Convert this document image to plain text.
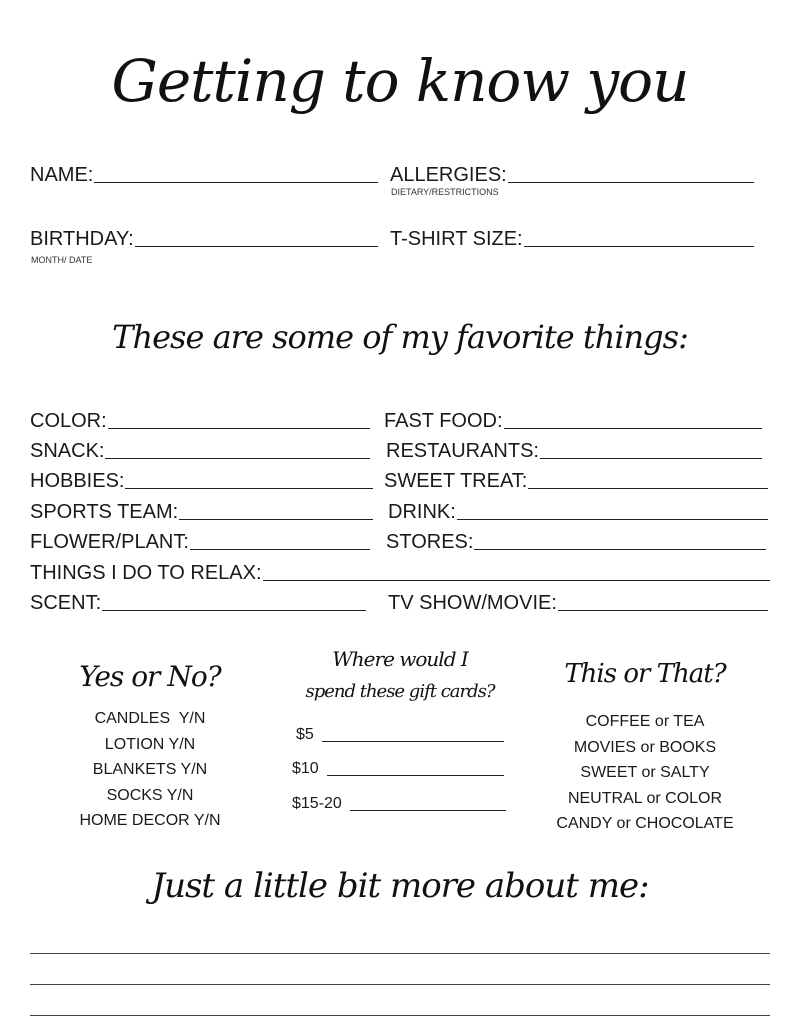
Getting to know you
NAME:	ALLERGIES:
DIETARY/RESTRICTIONS
BIRTHDAY:
MONTH/ DATE
T-SHIRT SIZE:
These are some of my favorite things:
COLOR:
SNACK:
HOBBIES:
SPORTS TEAM:
FLOWER/PLANT:
FAST FOOD:
RESTAURANTS:
SWEET TREAT:
DRINK:
STORES:
THINGS I DO TO RELAX:
SCENT:	TV SHOW/MOVIE:
Yes or No?
CANDLES  Y/N
LOTION Y/N
BLANKETS Y/N
SOCKS Y/N
HOME DECOR Y/N
Where would I
spend these gift cards?
$5
$10
$15-20
This or That?
COFFEE or TEA
MOVIES or BOOKS
SWEET or SALTY
NEUTRAL or COLOR
CANDY or CHOCOLATE
Just a little bit more about me:
